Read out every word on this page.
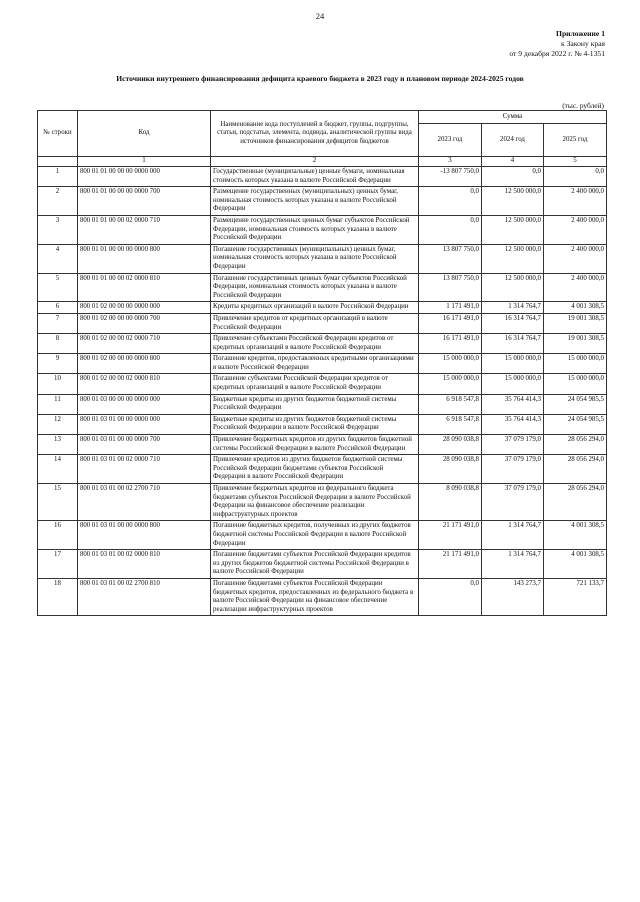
24
Приложение 1
к Закону края
от 9 декабря 2022 г. № 4-1351
Источники внутреннего финансирования дефицита краевого бюджета в 2023 году и плановом периоде 2024-2025 годов
(тыс. рублей)
№ строки	Код	Наименование кода поступлений в бюджет, группы, подгруппы, статьи, подстатьи, элемента, подвида, аналитической группы вида источников финансирования дефицитов бюджетов	Сумма		
			2023 год	2024 год	2025 год
	1	2	3	4	5
1	800 01 01 00 00 00 0000 000	Государственные (муниципальные) ценные бумаги, номинальная стоимость которых указана в валюте Российской Федерации	-13 807 750,0	0,0	0,0
2	800 01 01 00 00 00 0000 700	Размещение государственных (муниципальных) ценных бумаг, номинальная стоимость которых указана в валюте Российской Федерации	0,0	12 500 000,0	2 400 000,0
3	800 01 01 00 00 02 0000 710	Размещение государственных ценных бумаг субъектов Российской Федерации, номинальная стоимость которых указана в валюте Российской Федерации	0,0	12 500 000,0	2 400 000,0
4	800 01 01 00 00 00 0000 800	Погашение государственных (муниципальных) ценных бумаг, номинальная стоимость которых указана в валюте Российской Федерации	13 807 750,0	12 500 000,0	2 400 000,0
5	800 01 01 00 00 02 0000 810	Погашение государственных ценных бумаг субъектов Российской Федерации, номинальная стоимость которых указана в валюте Российской Федерации	13 807 750,0	12 500 000,0	2 400 000,0
6	800 01 02 00 00 00 0000 000	Кредиты кредитных организаций в валюте Российской Федерации	1 171 491,0	1 314 764,7	4 001 308,5
7	800 01 02 00 00 00 0000 700	Привлечение кредитов от кредитных организаций в валюте Российской Федерации	16 171 491,0	16 314 764,7	19 001 308,5
8	800 01 02 00 00 02 0000 710	Привлечение субъектами Российской Федерации кредитов от кредитных организаций в валюте Российской Федерации	16 171 491,0	16 314 764,7	19 001 308,5
9	800 01 02 00 00 00 0000 800	Погашение кредитов, предоставленных кредитными организациями в валюте Российской Федерации	15 000 000,0	15 000 000,0	15 000 000,0
10	800 01 02 00 00 02 0000 810	Погашение субъектами Российской Федерации кредитов от кредитных организаций в валюте Российской Федерации	15 000 000,0	15 000 000,0	15 000 000,0
11	800 01 03 00 00 00 0000 000	Бюджетные кредиты из других бюджетов бюджетной системы Российской Федерации	6 918 547,8	35 764 414,3	24 054 985,5
12	800 01 03 01 00 00 0000 000	Бюджетные кредиты из других бюджетов бюджетной системы Российской Федерации в валюте Российской Федерации	6 918 547,8	35 764 414,3	24 054 985,5
13	800 01 03 01 00 00 0000 700	Привлечение бюджетных кредитов из других бюджетов бюджетной системы Российской Федерации в валюте Российской Федерации	28 090 038,8	37 079 179,0	28 056 294,0
14	800 01 03 01 00 02 0000 710	Привлечение кредитов из других бюджетов бюджетной системы Российской Федерации бюджетами субъектов Российской Федерации в валюте Российской Федерации	28 090 038,8	37 079 179,0	28 056 294,0
15	800 01 03 01 00 02 2700 710	Привлечение бюджетных кредитов из федерального бюджета бюджетами субъектов Российской Федерации в валюте Российской Федерации на финансовое обеспечение реализации инфраструктурных проектов	8 090 038,8	37 079 179,0	28 056 294,0
16	800 01 03 01 00 00 0000 800	Погашение бюджетных кредитов, полученных из других бюджетов бюджетной системы Российской Федерации в валюте Российской Федерации	21 171 491,0	1 314 764,7	4 001 308,5
17	800 01 03 01 00 02 0000 810	Погашение бюджетами субъектов Российской Федерации кредитов из других бюджетов бюджетной системы Российской Федерации в валюте Российской Федерации	21 171 491,0	1 314 764,7	4 001 308,5
18	800 01 03 01 00 02 2700 810	Погашение бюджетами субъектов Российской Федерации бюджетных кредитов, предоставленных из федерального бюджета в валюте Российской Федерации на финансовое обеспечение реализации инфраструктурных проектов	0,0	143 273,7	721 133,7
